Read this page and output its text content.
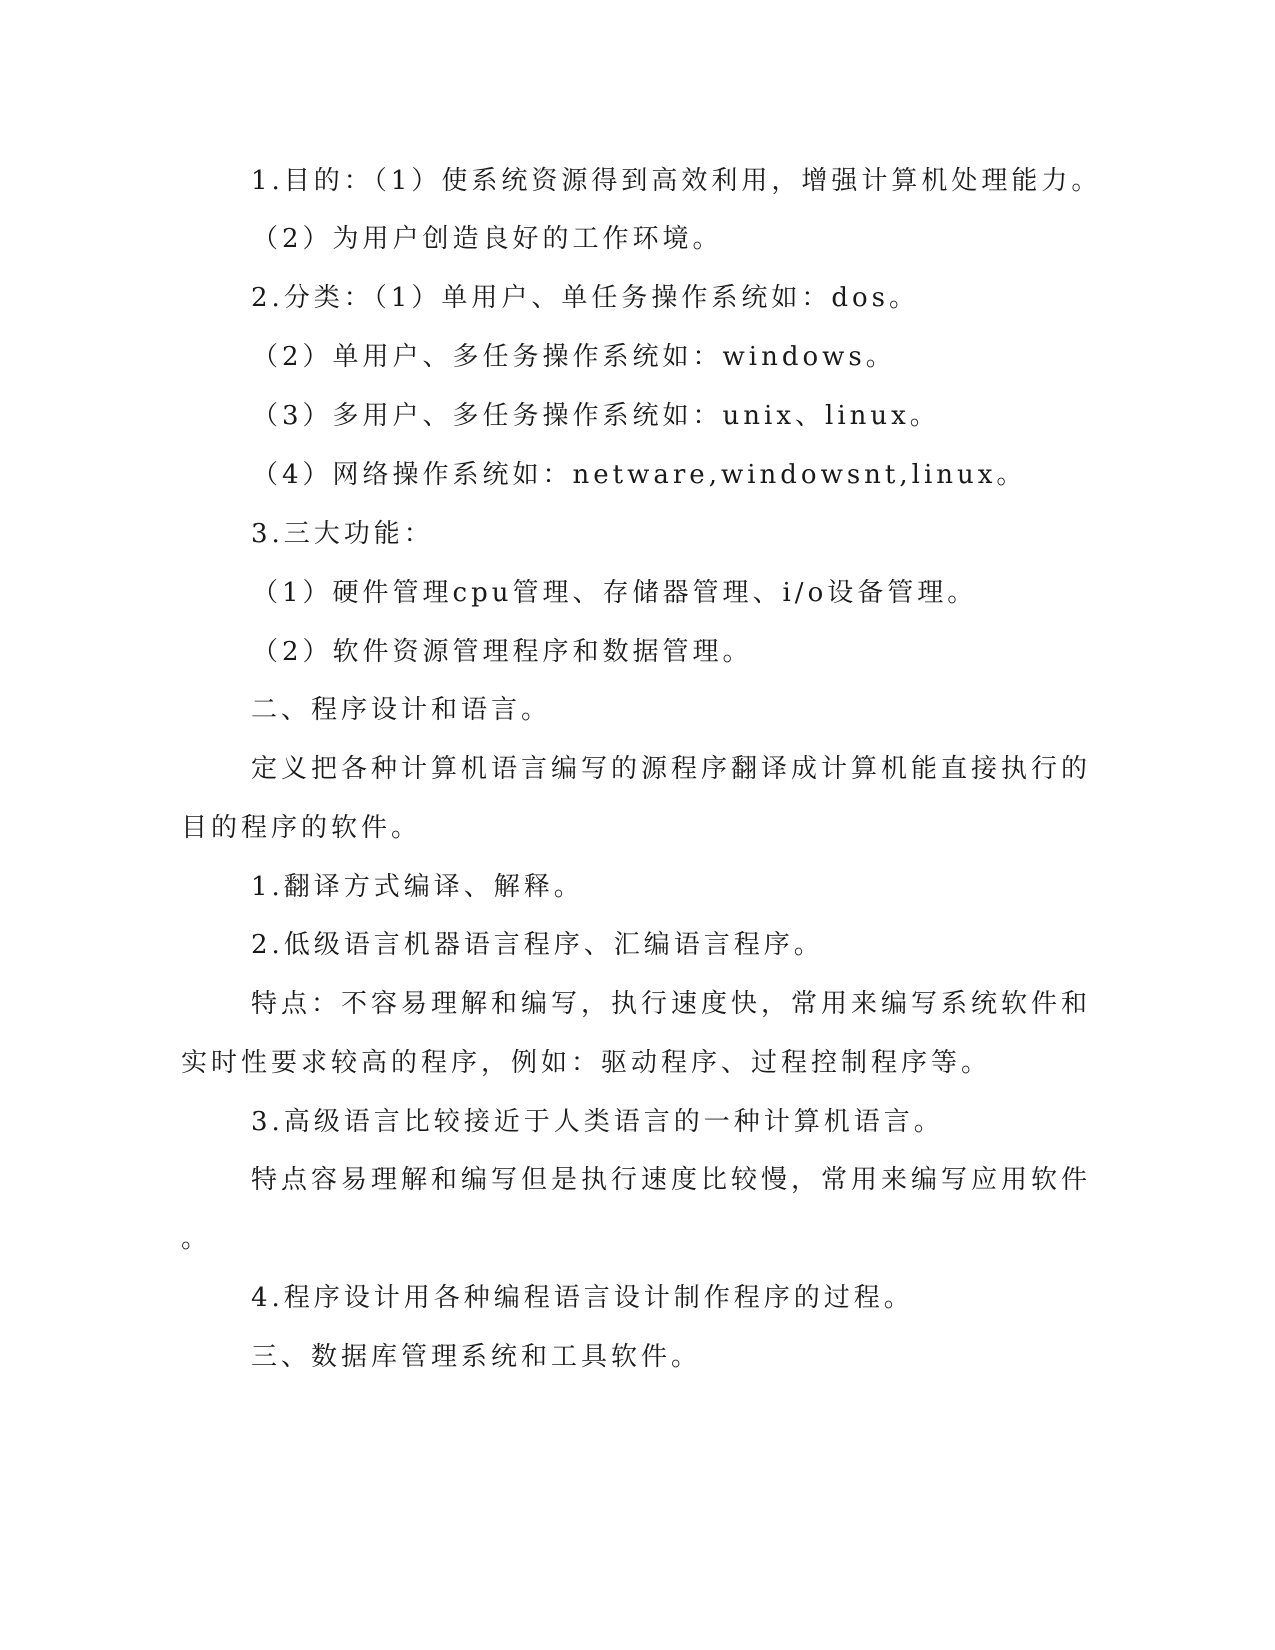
1.目的：（1）使系统资源得到高效利用，增强计算机处理能力。
（2）为用户创造良好的工作环境。
2.分类：（1）单用户、单任务操作系统如：dos。
（2）单用户、多任务操作系统如：windows。
（3）多用户、多任务操作系统如：unix、linux。
（4）网络操作系统如：netware,windowsnt,linux。
3.三大功能：
（1）硬件管理cpu管理、存储器管理、i/o设备管理。
（2）软件资源管理程序和数据管理。
二、程序设计和语言。
定义把各种计算机语言编写的源程序翻译成计算机能直接执行的
目的程序的软件。
1.翻译方式编译、解释。
2.低级语言机器语言程序、汇编语言程序。
特点：不容易理解和编写，执行速度快，常用来编写系统软件和
实时性要求较高的程序，例如：驱动程序、过程控制程序等。
3.高级语言比较接近于人类语言的一种计算机语言。
特点容易理解和编写但是执行速度比较慢，常用来编写应用软件
。
4.程序设计用各种编程语言设计制作程序的过程。
三、数据库管理系统和工具软件。
